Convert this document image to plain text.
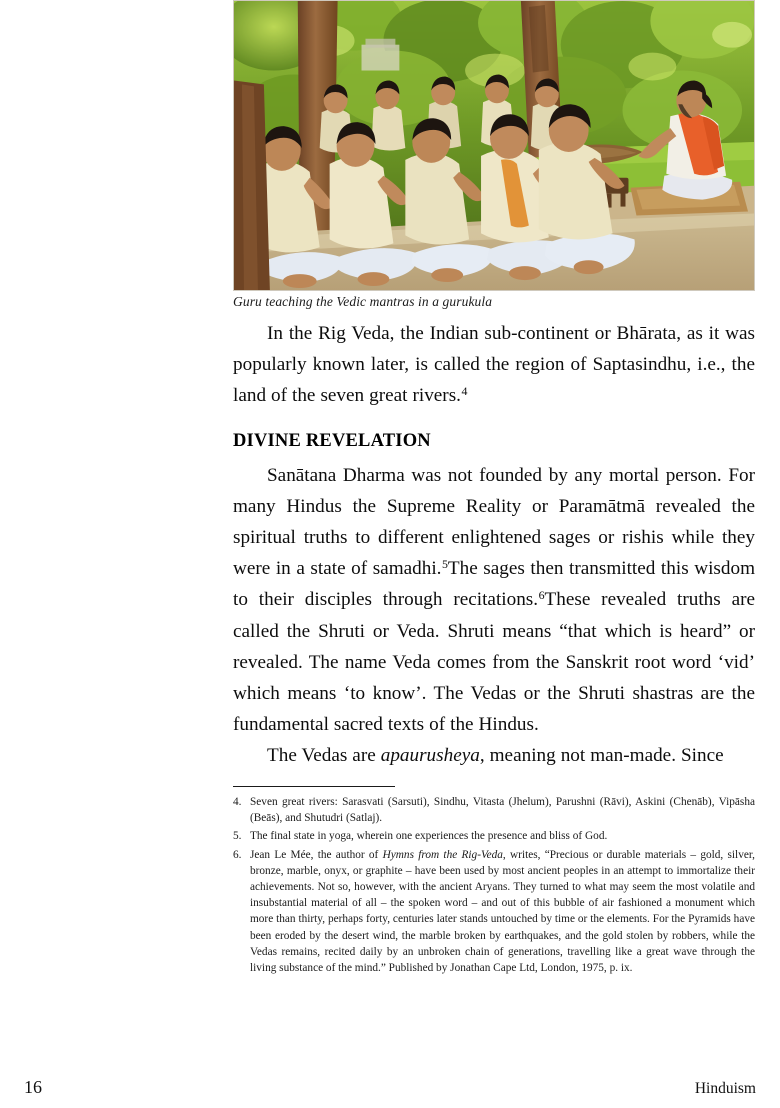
Guru teaching the Vedic mantras in a gurukula

In the Rig Veda, the Indian sub-continent or Bhārata, as it was popularly known later, is called the region of Saptasindhu, i.e., the land of the seven great rivers.$^4$

DIVINE REVELATION

Sanātana Dharma was not founded by any mortal person. For many Hindus the Supreme Reality or Paramātmā revealed the spiritual truths to different enlightened sages or rishis while they were in a state of samadhi.$^5$The sages then transmitted this wisdom to their disciples through recitations.$^6$These revealed truths are called the Shruti or Veda. Shruti means “that which is heard” or revealed. The name Veda comes from the Sanskrit root word ‘vid’ which means ‘to know’. The Vedas or the Shruti shastras are the fundamental sacred texts of the Hindus.

The Vedas are apaurusheya, meaning not man-made. Since

4. Seven great rivers: Sarasvati (Sarsuti), Sindhu, Vitasta (Jhelum), Parushni (Rāvi), Askini (Chenāb), Vipāsha (Beās), and Shutudri (Satlaj).
5. The final state in yoga, wherein one experiences the presence and bliss of God.
6. Jean Le Mée, the author of Hymns from the Rig-Veda, writes, “Precious or durable materials – gold, silver, bronze, marble, onyx, or graphite – have been used by most ancient peoples in an attempt to immortalize their achievements. Not so, however, with the ancient Aryans. They turned to what may seem the most volatile and insubstantial material of all – the spoken word – and out of this bubble of air fashioned a monument which more than thirty, perhaps forty, centuries later stands untouched by time or the elements. For the Pyramids have been eroded by the desert wind, the marble broken by earthquakes, and the gold stolen by robbers, while the Vedas remains, recited daily by an unbroken chain of generations, travelling like a great wave through the living substance of the mind.” Published by Jonathan Cape Ltd, London, 1975, p. ix.
16	Hinduism
